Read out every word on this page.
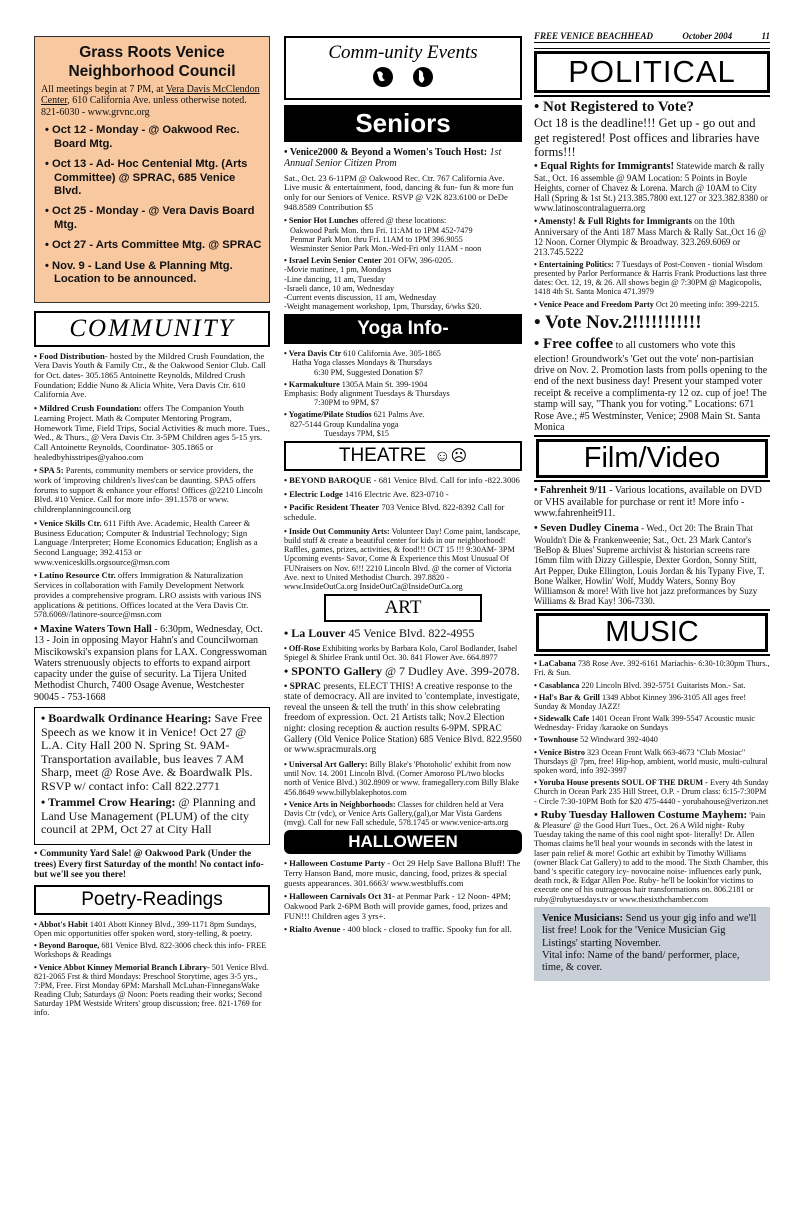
FREE VENICE BEACHHEAD	October 2004	11
Grass Roots Venice Neighborhood Council
All meetings begin at 7 PM, at Vera Davis McClendon Center, 610 California Ave. unless otherwise noted. 821-6030 - www.grvnc.org
• Oct 12 - Monday - @ Oakwood Rec. Board Mtg.
• Oct 13 - Ad- Hoc Centenial Mtg. (Arts Committee) @ SPRAC, 685 Venice Blvd.
• Oct 25 - Monday - @ Vera Davis Board Mtg.
• Oct 27 - Arts Committee Mtg. @ SPRAC
• Nov. 9 - Land Use & Planning Mtg. Location to be announced.
COMMUNITY
• Food Distribution- hosted by the Mildred Crush Foundation, the Vera Davis Youth & Family Ctr., & the Oakwood Senior Club. Call for Oct. dates- 305.1865 Antoinette Reynolds, Mildred Crush Foundation; Eddie Nuno & Alicia White, Vera Davis Ctr. 610 California Ave.
• Mildred Crush Foundation: offers The Companion Youth Learning Project. Math & Computer Mentoring Program, Homework Time, Field Trips, Social Activities & much more. Tues., Wed., & Thurs., @ Vera Davis Ctr. 3-5PM Children ages 5-15 yrs. Call Antoinette Reynolds, Coordinator- 305.1865 or healedbyhisstripes@yahoo.com
• SPA 5: Parents, community members or service providers, the work of 'improving children's lives'can be daunting. SPA5 offers forums to support & enhance your efforts! Offices @2210 Lincoln Blvd. #10 Venice. Call for more info- 391.1578 or www. childrenplanningcouncil.org
• Venice Skills Ctr. 611 Fifth Ave. Academic, Health Career & Business Education; Computer & Industrial Technology; Sign Language /Interpreter; Home Economics Education; English as a Second Language; 392.4153 or www.veniceskills.orgsource@msn.com
• Latino Resource Ctr. offers Immigration & Naturalization Services in collaboration with Family Development Network provides a comprehensive program. LRO assists with various INS applications & petitions. Offices located at the Vera Davis Ctr. 578.6069//latinore-source@msn.com
• Maxine Waters Town Hall - 6:30pm, Wednesday, Oct. 13 - Join in opposing Mayor Hahn's and Councilwoman Miscikowski's expansion plans for LAX. Congresswoman Waters strenuously objects to efforts to expand airport capacity under the guise of security. La Tijera United Methodist Church, 7400 Osage Avenue, Westchester 90045 - 753-1668
• Boardwalk Ordinance Hearing: Save Free Speech as we know it in Venice! Oct 27 @ L.A. City Hall 200 N. Spring St. 9AM- Transportation available, bus leaves 7 AM Sharp, meet @ Rose Ave. & Boardwalk Pls. RSVP w/ contact info: Call 822.2771
• Trammel Crow Hearing: @ Planning and Land Use Management (PLUM) of the city council at 2PM, Oct 27 at City Hall
• Community Yard Sale! @ Oakwood Park (Under the trees) Every first Saturday of the month! No contact info- but we'll see you there!
Poetry-Readings
• Abbot's Habit 1401 Abott Kinney Blvd., 399-1171 8pm Sundays, Open mic opportunities offer spoken word, story-telling, & poetry.
• Beyond Baroque, 681 Venice Blvd. 822-3006 check this info- FREE Workshops & Readings
• Venice Abbot Kinney Memorial Branch Library- 501 Venice Blvd. 821-2065 Frst & third Mondays: Preschool Storytime, ages 3-5 yrs., 7:PM, Free. First Monday 6PM: Marshall McLuhan-FinnegansWake Reading Club; Saturdays @ Noon: Poets reading their works; Second Saturday 1PM Westside Writers' group discussion; free. 821-1769 for info.
Comm-unity Events
Seniors
• Venice2000 & Beyond a Women's Touch Host: 1st Annual Senior Citizen Prom
Sat., Oct. 23 6-11PM @ Oakwood Rec. Ctr. 767 California Ave. Live music & entertainment, food, dancing & fun- fun & more fun only for our Seniors of Venice. RSVP @ V2K 823.6100 or DeDe 948.8589 Contribution $5
• Senior Hot Lunches offered @ these locations:
Oakwood Park Mon. thru Fri. 11:AM to 1PM 452-7479
Penmar Park Mon. thru Fri. 11AM to 1PM 396.9055
Wesminster Senior Park Mon.-Wed-Fri only 11AM - noon
• Israel Levin Senior Center 201 OFW, 396-0205.
-Movie matinee, 1 pm, Mondays
-Line dancing, 11 am, Tuesday
-Israeli dance, 10 am, Wednesday
-Current events discussion, 11 am, Wednesday
-Weight management workshop, 1pm, Thursday, 6/wks $20.
Yoga Info-
• Vera Davis Ctr 610 California Ave. 305-1865
Hatha Yoga classes Mondays & Thursdays
6:30 PM, Suggested Donation $7
• Karmakulture 1305A Main St. 399-1904
Emphasis: Body alignment Tuesdays & Thursdays
7:30PM to 9PM, $7
• Yogatime/Pilate Studios 621 Palms Ave.
827-5144 Group Kundalina yoga
Tuesdays 7PM, $15
THEATRE ☺☹
• BEYOND BAROQUE - 681 Venice Blvd. Call for info -822.3006
• Electric Lodge 1416 Electric Ave. 823-0710 -
• Pacific Resident Theater 703 Venice Blvd. 822-8392 Call for schedule.
• Inside Out Community Arts: Volunteer Day! Come paint, landscape, build stuff & create a beautiful center for kids in our neighborhood! Raffles, games, prizes, activities, & food!!! OCT 15 !!! 9:30AM- 3PM Upcoming events- Savor, Come & Experience this Most Unusual Of FUNraisers on Nov. 6!!! 2210 Lincoln Blvd. @ the corner of Victoria Ave. next to United Methodist Church. 397.8820 - www.InsideOutCa.org InsideOutCa@InsideOutCa.org
ART
• La Louver 45 Venice Blvd. 822-4955
• Off-Rose Exhibiting works by Barbara Kolo, Carol Bodlander, Isabel Spiegel & Shirlee Frank until Oct. 30. 841 Flower Ave. 664.8977
• SPONTO Gallery @ 7 Dudley Ave. 399-2078.
• SPRAC presents, ELECT THIS! A creative response to the state of democracy. All are invited to 'contemplate, investigate, reveal the unseen & tell the truth' in this show celebrating freedom of expression. Oct. 21 Artists talk; Nov.2 Election night: closing reception & auction results 6-9PM. SPRAC Gallery (Old Venice Police Station) 685 Venice Blvd. 822.9560 or www.spracmurals.org
• Universal Art Gallery: Billy Blake's 'Photoholic' exhibit from now until Nov. 14. 2001 Lincoln Blvd. (Corner Amoroso PL/two blocks north of Venice Blvd.) 302.8909 or www. framegallery.com Billy Blake 456.8649 www.billyblakephotos.com
• Venice Arts in Neighborhoods: Classes for children held at Vera Davis Ctr (vdc), or Venice Arts Gallery,(gal),or Mar Vista Gardens (mvg). Call for new Fall schedule, 578.1745 or www.venice-arts.org
HALLOWEEN
• Halloween Costume Party - Oct 29 Help Save Ballona Bluff! The Terry Hanson Band, more music, dancing, food, prizes & special guests appearances. 301.6663/ www.westbluffs.com
• Halloween Carnivals Oct 31- at Penmar Park - 12 Noon- 4PM; Oakwood Park 2-6PM Both will provide games, food, prizes and FUN!!! Children ages 3 yrs+.
• Rialto Avenue - 400 block - closed to traffic. Spooky fun for all.
POLITICAL
• Not Registered to Vote?
Oct 18 is the deadline!!! Get up - go out and get registered! Post offices and libraries have forms!!!
• Equal Rights for Immigrants! Statewide march & rally Sat., Oct. 16 assemble @ 9AM Location: 5 Points in Boyle Heights, corner of Chavez & Lorena. March @ 10AM to City Hall (Spring & 1st St.) 213.385.7800 ext.127 or 323.382.8380 or www.latinoscontralaguerra.org
• Amensty! & Full Rights for Immigrants on the 10th Anniversary of the Anti 187 Mass March & Rally Sat.,Oct 16 @ 12 Noon. Corner Olympic & Broadway. 323.269.6069 or 213.745.5222
• Entertaining Politics: 7 Tuesdays of Post-Conven - tionial Wisdom presented by Parlor Performance & Harris Frank Productions last three dates: Oct. 12, 19, & 26. All shows begin @ 7:30PM @ Magicopolis, 1418 4th St. Santa Monica 471.3979
• Venice Peace and Freedom Party Oct 20 meeting info: 399-2215.
• Vote Nov.2!!!!!!!!!!!
• Free coffee to all customers who vote this election! Groundwork's 'Get out the vote' non-partisian drive on Nov. 2. Promotion lasts from polls opening to the end of the next business day! Present your stamped voter receipt & receive a complimenta-ry 12 oz. cup of joe! The stamp will say, "Thank you for voting." Locations: 671 Rose Ave.; #5 Westminster, Venice; 2908 Main St. Santa Monica
Film/Video
• Fahrenheit 9/11 - Various locations, available on DVD or VHS available for purchase or rent it! More info - www.fahrenheit911.
• Seven Dudley Cinema - Wed., Oct 20: The Brain That Wouldn't Die & Frankenweenie; Sat., Oct. 23 Mark Cantor's 'BeBop & Blues' Supreme archivist & historian screens rare 16mm film with Dizzy Gillespie, Dexter Gordon, Sonny Stitt, Art Pepper, Duke Ellington, Louis Jordan & his Typany Five, T. Bone Walker, Howlin' Wolf, Muddy Waters, Sonny Boy Williamson & more! With live hot jazz preformances by Suzy Williams & Brad Kay! 306-7330.
MUSIC
• LaCabana 738 Rose Ave. 392-6161 Mariachis- 6:30-10:30pm Thurs., Fri. & Sun.
• Casablanca 220 Lincoln Blvd. 392-5751 Guitarists Mon.- Sat.
• Hal's Bar & Grill 1349 Abbot Kinney 396-3105 All ages free! Sunday & Monday JAZZ!
• Sidewalk Cafe 1401 Ocean Front Walk 399-5547 Acoustic music Wednesday- Friday /karaoke on Sundays
• Townhouse 52 Windward 392-4040
• Venice Bistro 323 Ocean Front Walk 663-4673 "Club Mosiac" Thursdays @ 7pm, free! Hip-hop, ambient, world music, multi-cultural spoken word, info 392-3997
• Yoruba House presents SOUL OF THE DRUM - Every 4th Sunday Church in Ocean Park 235 Hill Street, O.P. - Drum class: 6:15-7:30PM - Circle 7:30-10PM Both for $20 475-4440 - yorubahouse@verizon.net
• Ruby Tuesday Hallowen Costume Mayhem: 'Pain & Pleasure' @ the Good Hurt Tues., Oct. 26 A Wild night- Ruby Tuesday taking the name of this cool night spot- literally! Dr. Allen Thomas claims he'll heal your wounds in seconds with the latest in laser pain relief & more! Gothic art exhibit by Timothy Williams (owner Black Cat Gallery) to add to the mood. The Sixth Chamber, this band 's specific category icy- novocaine noise- influences early punk, death rock, & Edgar Allen Poe. Ruby- he'll be lookin'for victims to execute one of his outrageous hair transformations on. 806.2181 or ruby@rubytuesdays.tv or www.thesixthchamber.com
Venice Musicians: Send us your gig info and we'll list free! Look for the 'Venice Musician Gig Listings' starting November.
Vital info: Name of the band/ performer, place, time, & cover.
